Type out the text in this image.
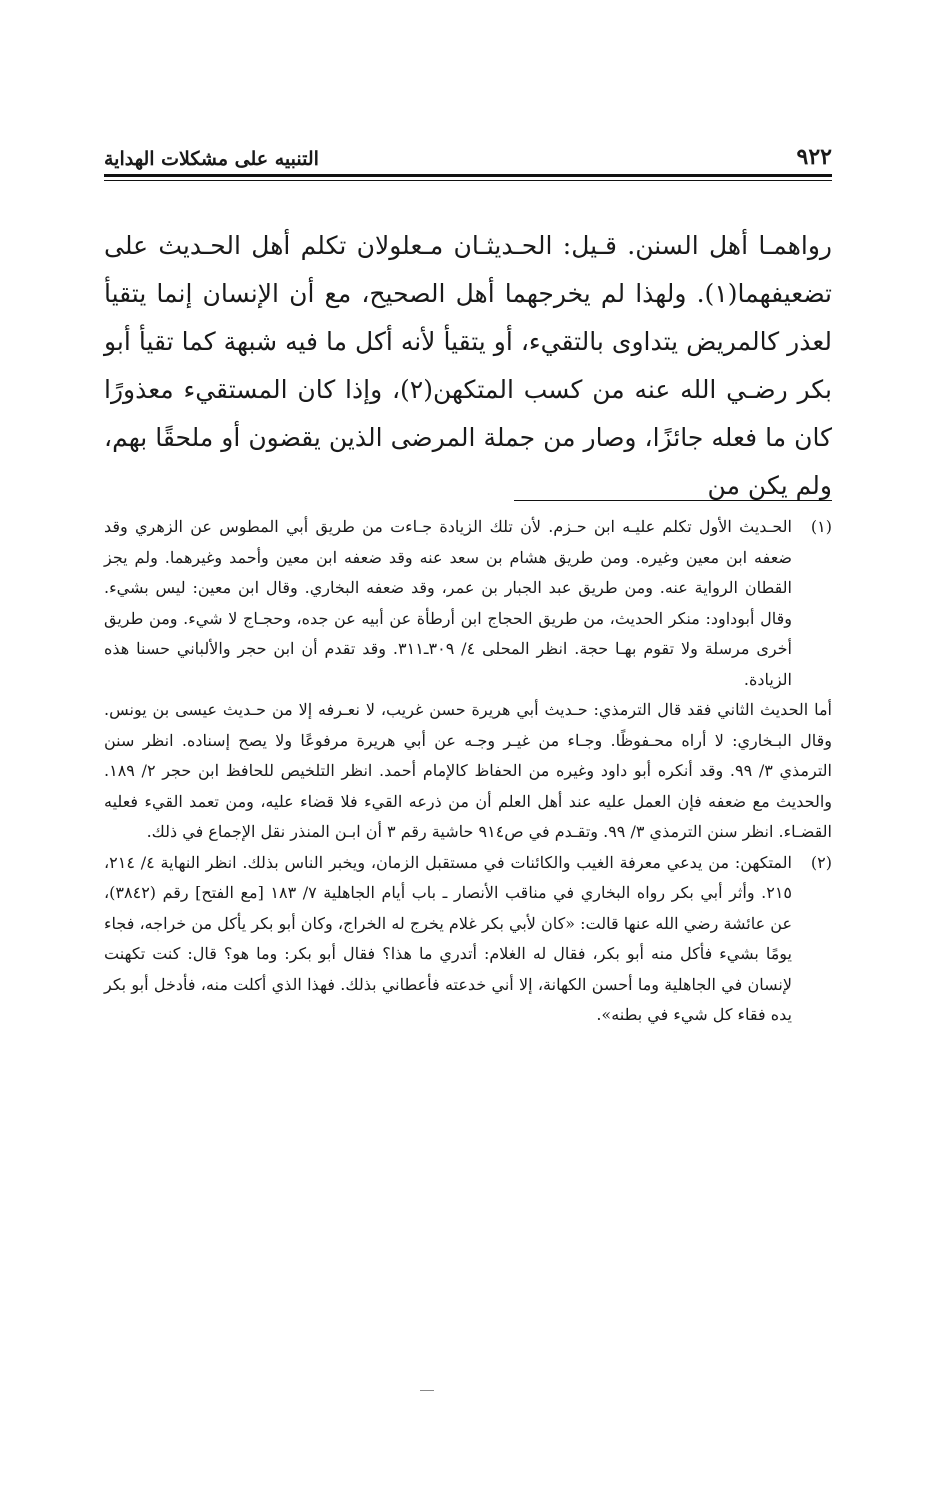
٩٢٢
التنبيه على مشكلات الهداية
رواهمـا أهل السنن. قـيل: الحـديثـان مـعلولان تكلم أهل الحـديث على تضعيفهما(١). ولهذا لم يخرجهما أهل الصحيح، مع أن الإنسان إنما يتقيأ لعذر كالمريض يتداوى بالتقيء، أو يتقيأ لأنه أكل ما فيه شبهة كما تقيأ أبو بكر رضـي الله عنه من كسب المتكهن(٢)، وإذا كان المستقيء معذورًا كان ما فعله جائزًا، وصار من جملة المرضى الذين يقضون أو ملحقًا بهم، ولم يكن من
(١)

الحـديث الأول تكلم عليـه ابن حـزم. لأن تلك الزيادة جـاءت من طريق أبي المطوس عن الزهري وقد ضعفه ابن معين وغيره. ومن طريق هشام بن سعد عنه وقد ضعفه ابن معين وأحمد وغيرهما. ولم يجز القطان الرواية عنه. ومن طريق عبد الجبار بن عمر، وقد ضعفه البخاري. وقال ابن معين: ليس بشيء. وقال أبوداود: منكر الحديث، من طريق الحجاج ابن أرطأة عن أبيه عن جده، وحجـاج لا شيء. ومن طريق أخرى مرسلة ولا تقوم بهـا حجة. انظر المحلى ٤/ ٣٠٩ـ٣١١. وقد تقدم أن ابن حجر والألباني حسنا هذه الزيادة.

أما الحديث الثاني فقد قال الترمذي: حـديث أبي هريرة حسن غريب، لا نعـرفه إلا من حـديث عيسى بن يونس. وقال البـخاري: لا أراه محـفوظًا. وجـاء من غيـر وجـه عن أبي هريرة مرفوعًا ولا يصح إسناده. انظر سنن الترمذي ٣/ ٩٩. وقد أنكره أبو داود وغيره من الحفاظ كالإمام أحمد. انظر التلخيص للحافظ ابن حجر ٢/ ١٨٩. والحديث مع ضعفه فإن العمل عليه عند أهل العلم أن من ذرعه القيء فلا قضاء عليه، ومن تعمد القيء فعليه القضـاء. انظر سنن الترمذي ٣/ ٩٩. وتقـدم في ص٩١٤ حاشية رقم ٣ أن ابـن المنذر نقل الإجماع في ذلك.

(٢)

المتكهن: من يدعي معرفة الغيب والكائنات في مستقبل الزمان، ويخبر الناس بذلك. انظر النهاية ٤/ ٢١٤، ٢١٥. وأثر أبي بكر رواه البخاري في مناقب الأنصار ـ باب أيام الجاهلية ٧/ ١٨٣ [مع الفتح] رقم (٣٨٤٢)، عن عائشة رضي الله عنها قالت: «كان لأبي بكر غلام يخرج له الخراج، وكان أبو بكر يأكل من خراجه، فجاء يومًا بشيء فأكل منه أبو بكر، فقال له الغلام: أتدري ما هذا؟ فقال أبو بكر: وما هو؟ قال: كنت تكهنت لإنسان في الجاهلية وما أحسن الكهانة، إلا أني خدعته فأعطاني بذلك. فهذا الذي أكلت منه، فأدخل أبو بكر يده فقاء كل شيء في بطنه».
